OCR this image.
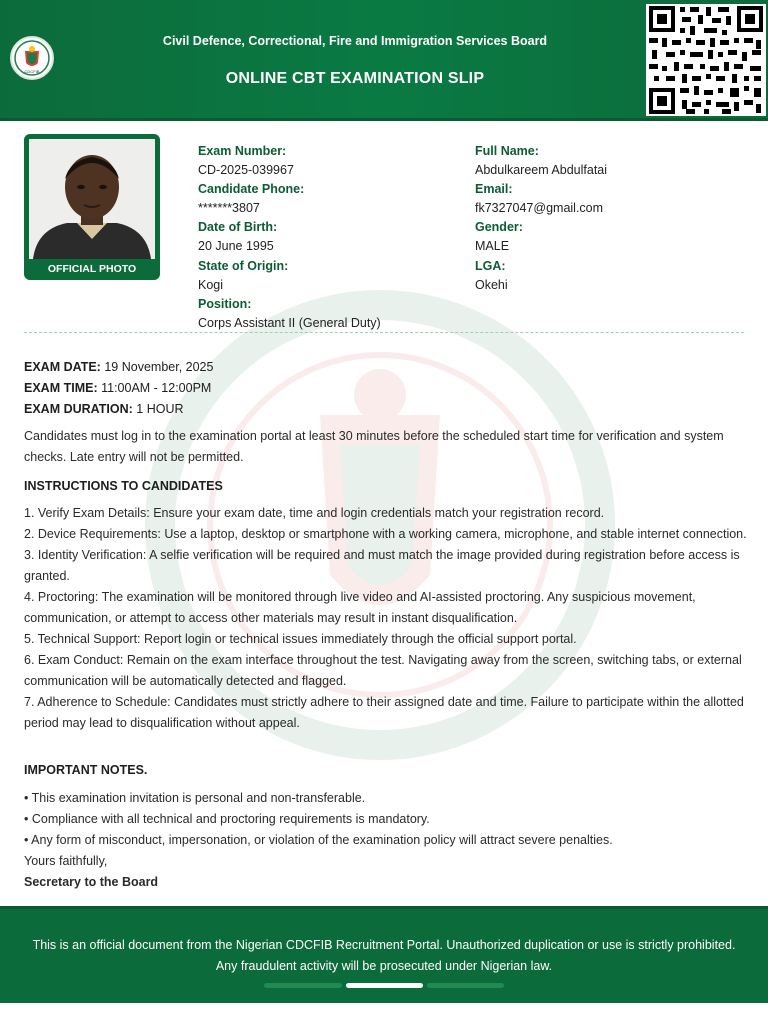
CDCFIB
Civil Defence, Correctional, Fire and Immigration Services Board
ONLINE CBT EXAMINATION SLIP
OFFICIAL PHOTO
Exam Number:
CD-2025-039967
Candidate Phone:
*******3807
Date of Birth:
20 June 1995
State of Origin:
Kogi
Position:
Corps Assistant II (General Duty)
Full Name:
Abdulkareem Abdulfatai
Email:
fk7327047@gmail.com
Gender:
MALE
LGA:
Okehi
EXAM DATE: 19 November, 2025
EXAM TIME: 11:00AM - 12:00PM
EXAM DURATION: 1 HOUR
Candidates must log in to the examination portal at least 30 minutes before the scheduled start time for verification and system checks. Late entry will not be permitted.
INSTRUCTIONS TO CANDIDATES
1. Verify Exam Details: Ensure your exam date, time and login credentials match your registration record.
2. Device Requirements: Use a laptop, desktop or smartphone with a working camera, microphone, and stable internet connection.
3. Identity Verification: A selfie verification will be required and must match the image provided during registration before access is granted.
4. Proctoring: The examination will be monitored through live video and AI-assisted proctoring. Any suspicious movement, communication, or attempt to access other materials may result in instant disqualification.
5. Technical Support: Report login or technical issues immediately through the official support portal.
6. Exam Conduct: Remain on the exam interface throughout the test. Navigating away from the screen, switching tabs, or external communication will be automatically detected and flagged.
7. Adherence to Schedule: Candidates must strictly adhere to their assigned date and time. Failure to participate within the allotted period may lead to disqualification without appeal.
IMPORTANT NOTES.
• This examination invitation is personal and non-transferable.
• Compliance with all technical and proctoring requirements is mandatory.
• Any form of misconduct, impersonation, or violation of the examination policy will attract severe penalties.
Yours faithfully,
Secretary to the Board
This is an official document from the Nigerian CDCFIB Recruitment Portal. Unauthorized duplication or use is strictly prohibited. Any fraudulent activity will be prosecuted under Nigerian law.
